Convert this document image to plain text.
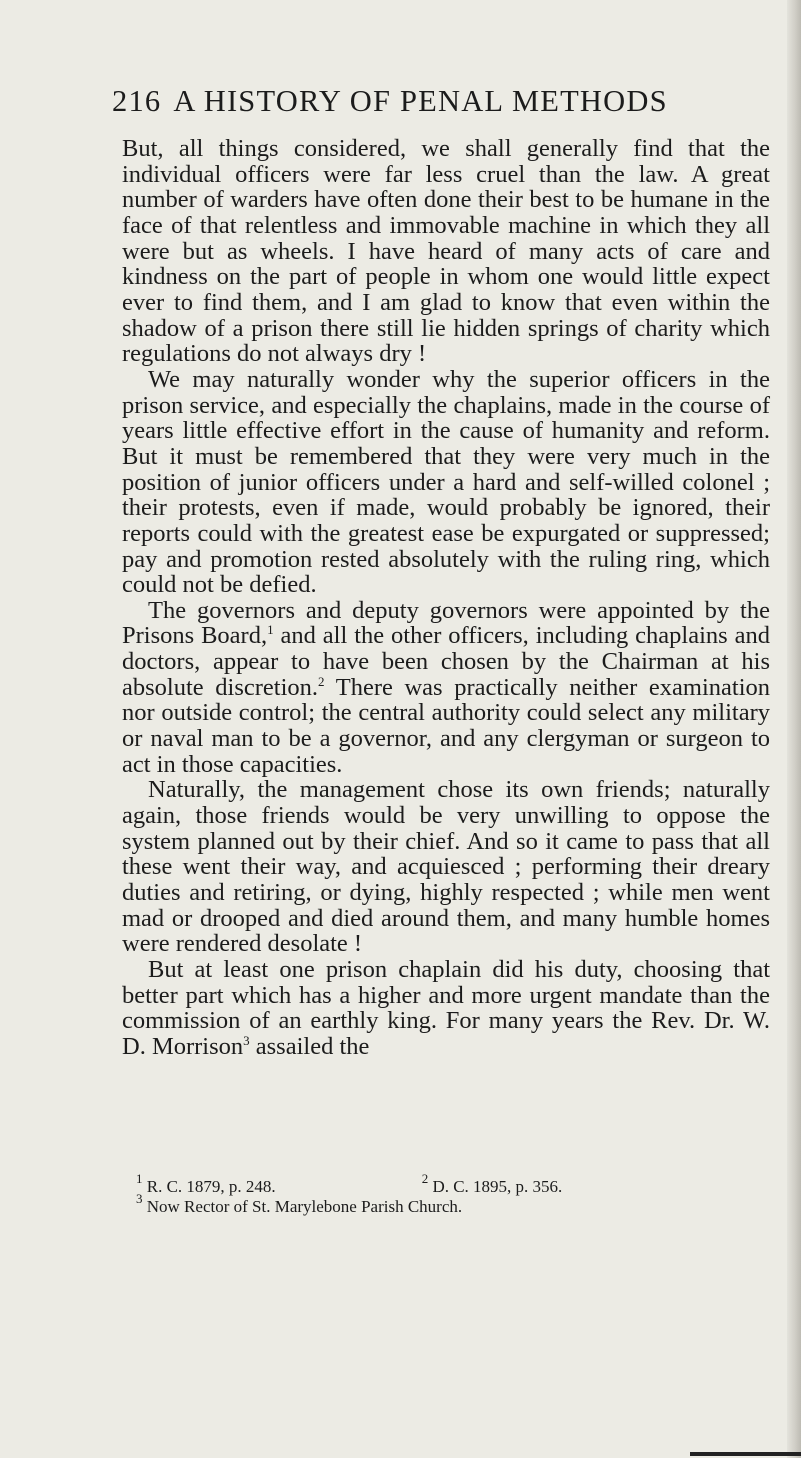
216 A HISTORY OF PENAL METHODS

But, all things considered, we shall generally find that the individual officers were far less cruel than the law. A great number of warders have often done their best to be humane in the face of that relentless and immovable machine in which they all were but as wheels. I have heard of many acts of care and kindness on the part of people in whom one would little expect ever to find them, and I am glad to know that even within the shadow of a prison there still lie hidden springs of charity which regulations do not always dry !

We may naturally wonder why the superior officers in the prison service, and especially the chaplains, made in the course of years little effective effort in the cause of humanity and reform. But it must be remembered that they were very much in the position of junior officers under a hard and self-willed colonel ; their protests, even if made, would probably be ignored, their reports could with the greatest ease be expurgated or suppressed; pay and promotion rested absolutely with the ruling ring, which could not be defied.

The governors and deputy governors were appointed by the Prisons Board,$^1$ and all the other officers, including chaplains and doctors, appear to have been chosen by the Chairman at his absolute discretion.$^2$ There was practically neither examination nor outside control; the central authority could select any military or naval man to be a governor, and any clergyman or surgeon to act in those capacities.

Naturally, the management chose its own friends; naturally again, those friends would be very unwilling to oppose the system planned out by their chief. And so it came to pass that all these went their way, and acquiesced ; performing their dreary duties and retiring, or dying, highly respected ; while men went mad or drooped and died around them, and many humble homes were rendered desolate !

But at least one prison chaplain did his duty, choosing that better part which has a higher and more urgent mandate than the commission of an earthly king. For many years the Rev. Dr. W. D. Morrison$^3$ assailed the

$^1$ R. C. 1879, p. 248.	$^2$ D. C. 1895, p. 356.
$^3$ Now Rector of St. Marylebone Parish Church.
